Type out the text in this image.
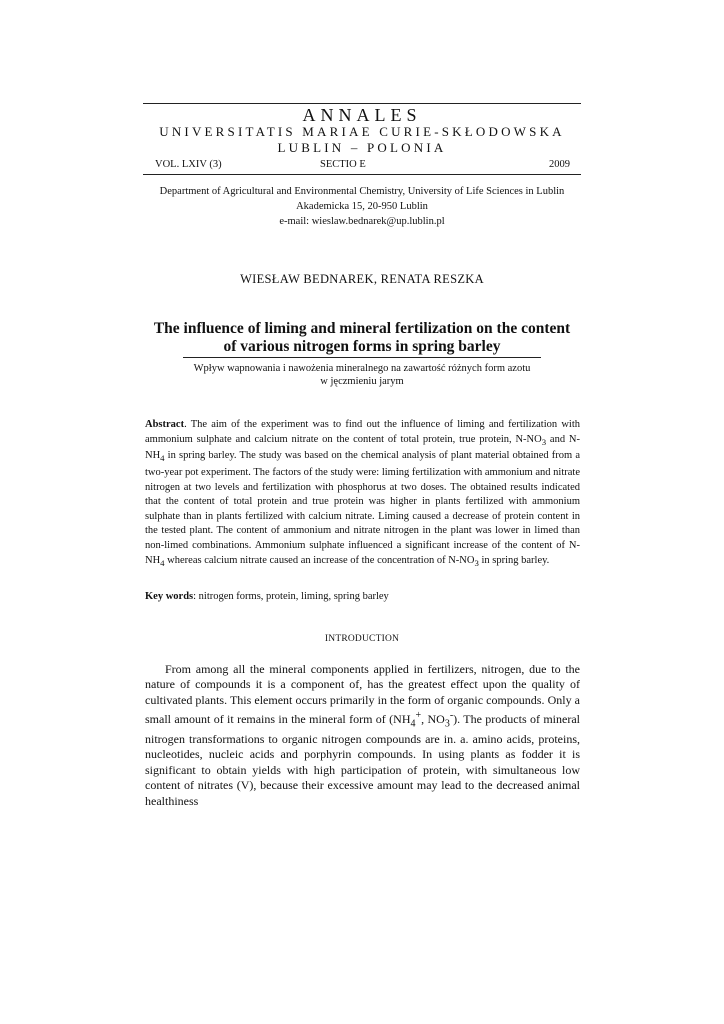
ANNALES
UNIVERSITATIS MARIAE CURIE-SKŁODOWSKA
LUBLIN – POLONIA
VOL. LXIV (3)	SECTIO E	2009
Department of Agricultural and Environmental Chemistry, University of Life Sciences in Lublin
Akademicka 15, 20-950 Lublin
e-mail: wieslaw.bednarek@up.lublin.pl
WIESŁAW BEDNAREK, RENATA RESZKA
The influence of liming and mineral fertilization on the content
of various nitrogen forms in spring barley
Wpływ wapnowania i nawożenia mineralnego na zawartość różnych form azotu
w jęczmieniu jarym
Abstract. The aim of the experiment was to find out the influence of liming and fertilization with ammonium sulphate and calcium nitrate on the content of total protein, true protein, $N-NO_3$ and $N-NH_4$ in spring barley. The study was based on the chemical analysis of plant material obtained from a two-year pot experiment. The factors of the study were: liming fertilization with ammonium and nitrate nitrogen at two levels and fertilization with phosphorus at two doses. The obtained results indicated that the content of total protein and true protein was higher in plants fertilized with ammonium sulphate than in plants fertilized with calcium nitrate. Liming caused a decrease of protein content in the tested plant. The content of ammonium and nitrate nitrogen in the plant was lower in limed than non-limed combinations. Ammonium sulphate influenced a significant increase of the content of $N-NH_4$ whereas calcium nitrate caused an increase of the concentration of $N-NO_3$ in spring barley.
Key words: nitrogen forms, protein, liming, spring barley
INTRODUCTION
From among all the mineral components applied in fertilizers, nitrogen, due to the nature of compounds it is a component of, has the greatest effect upon the quality of cultivated plants. This element occurs primarily in the form of organic compounds. Only a small amount of it remains in the mineral form of ($NH_4^+$, $NO_3^-$). The products of mineral nitrogen transformations to organic nitrogen compounds are in. a. amino acids, proteins, nucleotides, nucleic acids and porphyrin compounds. In using plants as fodder it is significant to obtain yields with high participation of protein, with simultaneous low content of nitrates (V), because their excessive amount may lead to the decreased animal healthiness
